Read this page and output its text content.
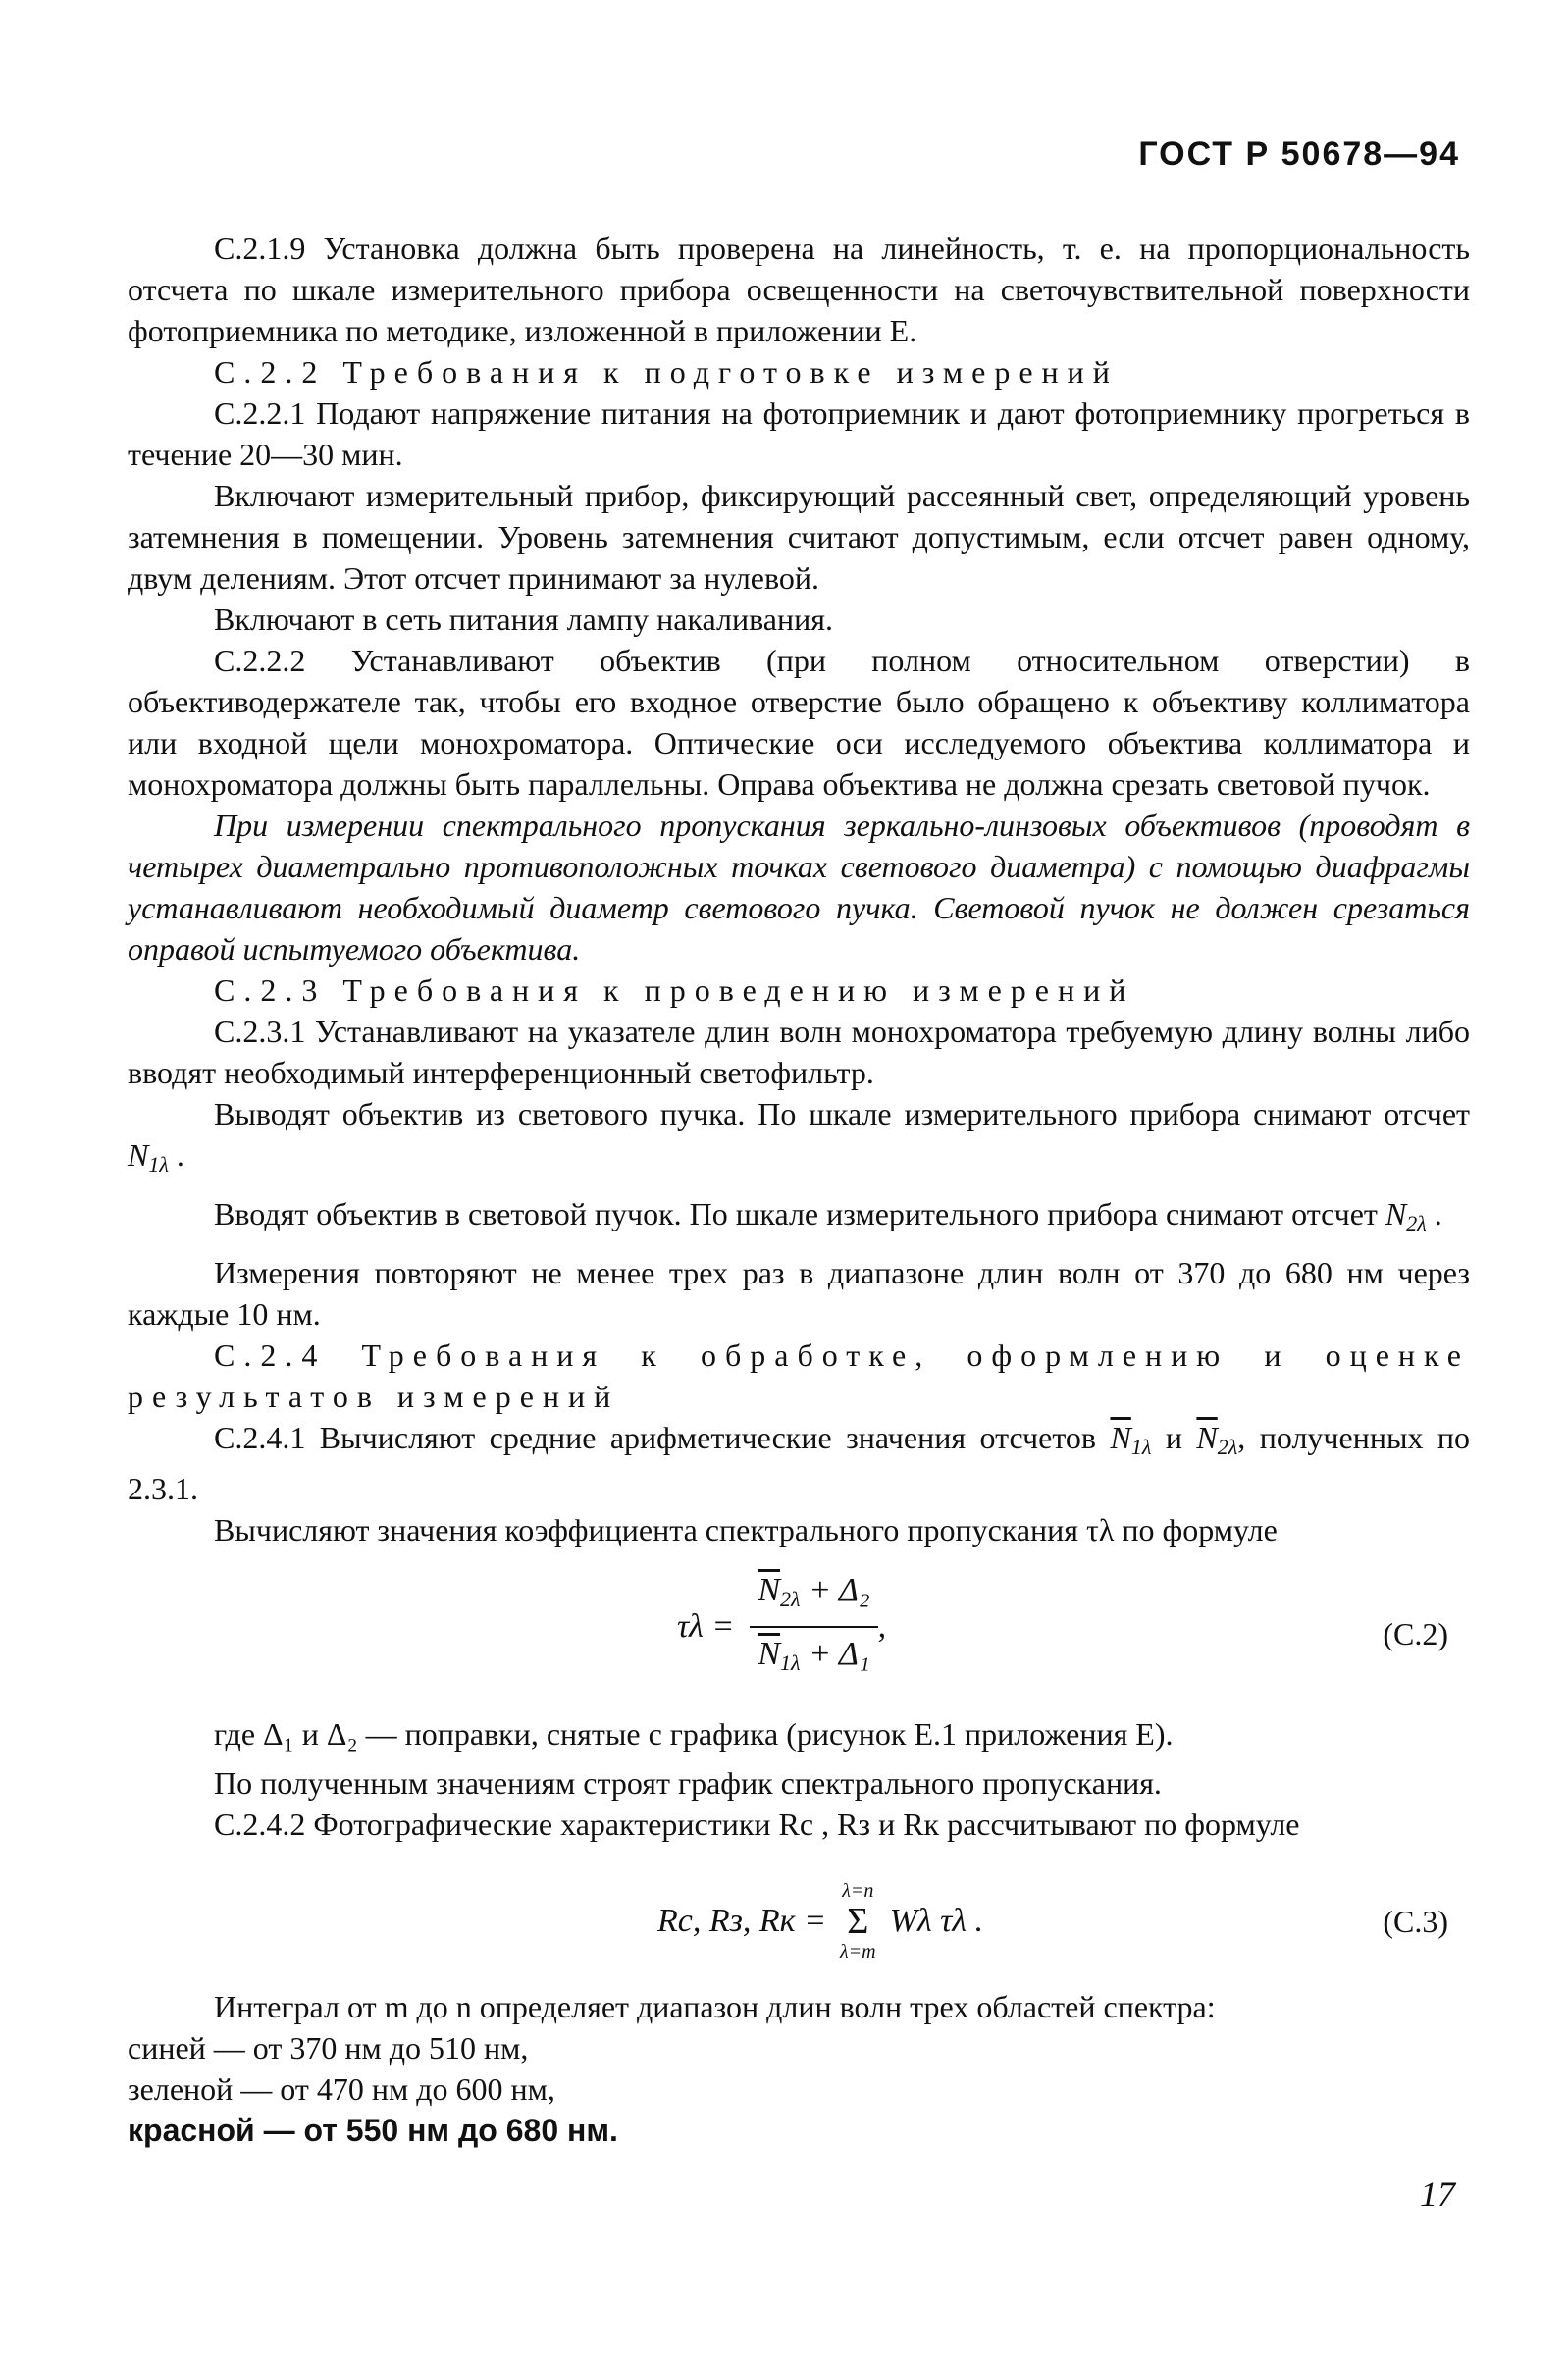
ГОСТ Р 50678—94

С.2.1.9 Установка должна быть проверена на линейность, т. е. на пропорциональность отсчета по шкале измерительного прибора освещенности на светочувствительной поверхности фотоприемника по методике, изложенной в приложении Е.

С.2.2 Требования к подготовке измерений

С.2.2.1 Подают напряжение питания на фотоприемник и дают фотоприемнику прогреться в течение 20—30 мин.

Включают измерительный прибор, фиксирующий рассеянный свет, определяющий уровень затемнения в помещении. Уровень затемнения считают допустимым, если отсчет равен одному, двум делениям. Этот отсчет принимают за нулевой.

Включают в сеть питания лампу накаливания.

С.2.2.2 Устанавливают объектив (при полном относительном отверстии) в объективодержателе так, чтобы его входное отверстие было обращено к объективу коллиматора или входной щели монохроматора. Оптические оси исследуемого объектива коллиматора и монохроматора должны быть параллельны. Оправа объектива не должна срезать световой пучок.

При измерении спектрального пропускания зеркально-линзовых объективов (проводят в четырех диаметрально противоположных точках светового диаметра) с помощью диафрагмы устанавливают необходимый диаметр светового пучка. Световой пучок не должен срезаться оправой испытуемого объектива.

С.2.3 Требования к проведению измерений

С.2.3.1 Устанавливают на указателе длин волн монохроматора требуемую длину волны либо вводят необходимый интерференционный светофильтр.

Выводят объектив из светового пучка. По шкале измерительного прибора снимают отсчет $N_{1\lambda}$ .

Вводят объектив в световой пучок. По шкале измерительного прибора снимают отсчет $N_{2\lambda}$ .

Измерения повторяют не менее трех раз в диапазоне длин волн от 370 до 680 нм через каждые 10 нм.

С.2.4 Требования к обработке, оформлению и оценке результатов измерений

С.2.4.1 Вычисляют средние арифметические значения отсчетов $\overline{N}_{1\lambda}$ и $\overline{N}_{2\lambda}$, полученных по 2.3.1.

Вычисляют значения коэффициента спектрального пропускания τλ по формуле

$\tau\lambda = \frac{\overline{N}_{2\lambda} + \Delta_2}{\overline{N}_{1\lambda} + \Delta_1}$ ,	(С.2)

где Δ₁ и Δ₂ — поправки, снятые с графика (рисунок Е.1 приложения Е).

По полученным значениям строят график спектрального пропускания.

С.2.4.2 Фотографические характеристики Rс , Rз и Rк рассчитывают по формуле

Rс, Rз, Rк =
λ=n
Σ
λ=m
Wλ τλ .	(С.3)

Интеграл от m до n определяет диапазон длин волн трех областей спектра:

синей — от 370 нм до 510 нм,
зеленой — от 470 нм до 600 нм,
красной — от 550 нм до 680 нм.
17
